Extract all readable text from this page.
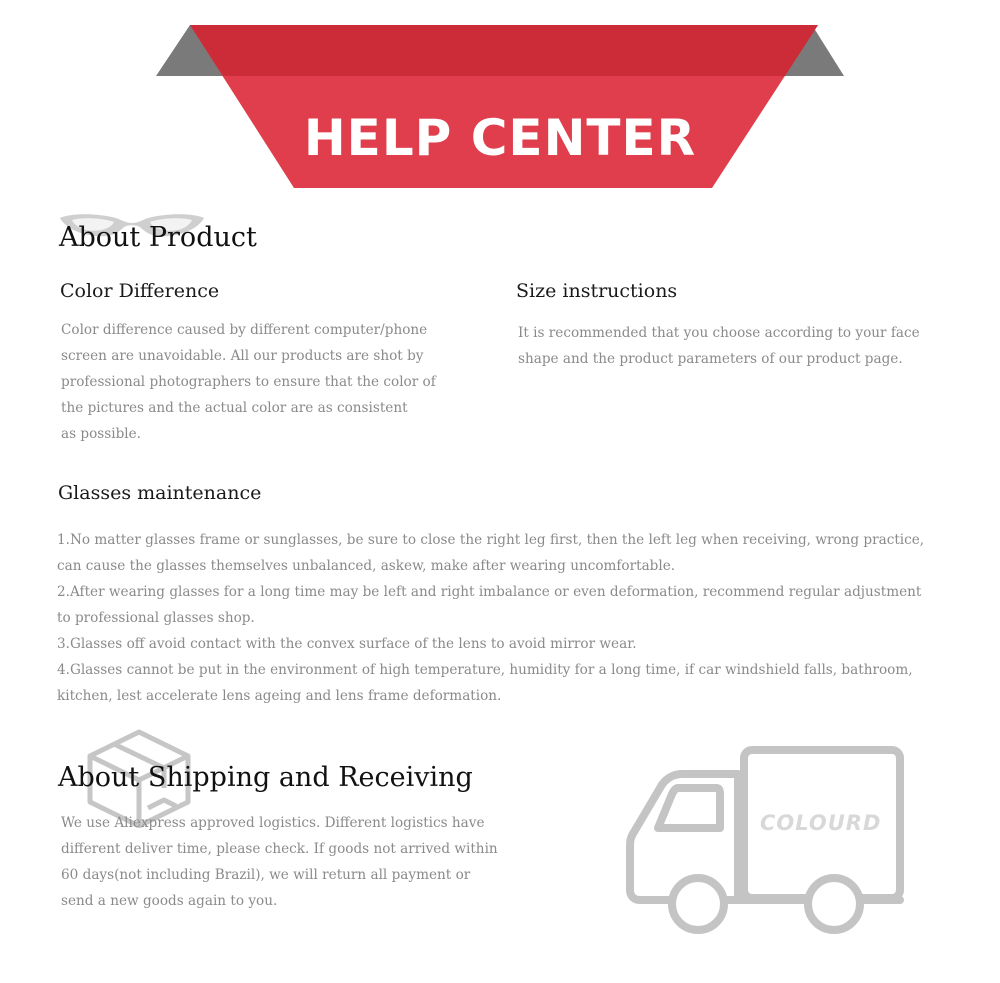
HELP CENTER
About Product
Color Difference

Color difference caused by different computer/phone

screen are unavoidable. All our products are shot by

professional photographers to ensure that the color of

the pictures and the actual color are as consistent

as possible.

Size instructions

It is recommended that you choose according to your face

shape and the product parameters of our product page.

Glasses maintenance

1.No matter glasses frame or sunglasses, be sure to close the right leg first, then the left leg when receiving, wrong practice,

can cause the glasses themselves unbalanced, askew, make after wearing uncomfortable.

2.After wearing glasses for a long time may be left and right imbalance or even deformation, recommend regular adjustment

to professional glasses shop.

3.Glasses off avoid contact with the convex surface of the lens to avoid mirror wear.

4.Glasses cannot be put in the environment of high temperature, humidity for a long time, if car windshield falls, bathroom,

kitchen, lest accelerate lens ageing and lens frame deformation.

About Shipping and Receiving

We use Aliexpress approved logistics. Different logistics have

different deliver time, please check. If goods not arrived within

60 days(not including Brazil), we will return all payment or

send a new goods again to you.

COLOURD
